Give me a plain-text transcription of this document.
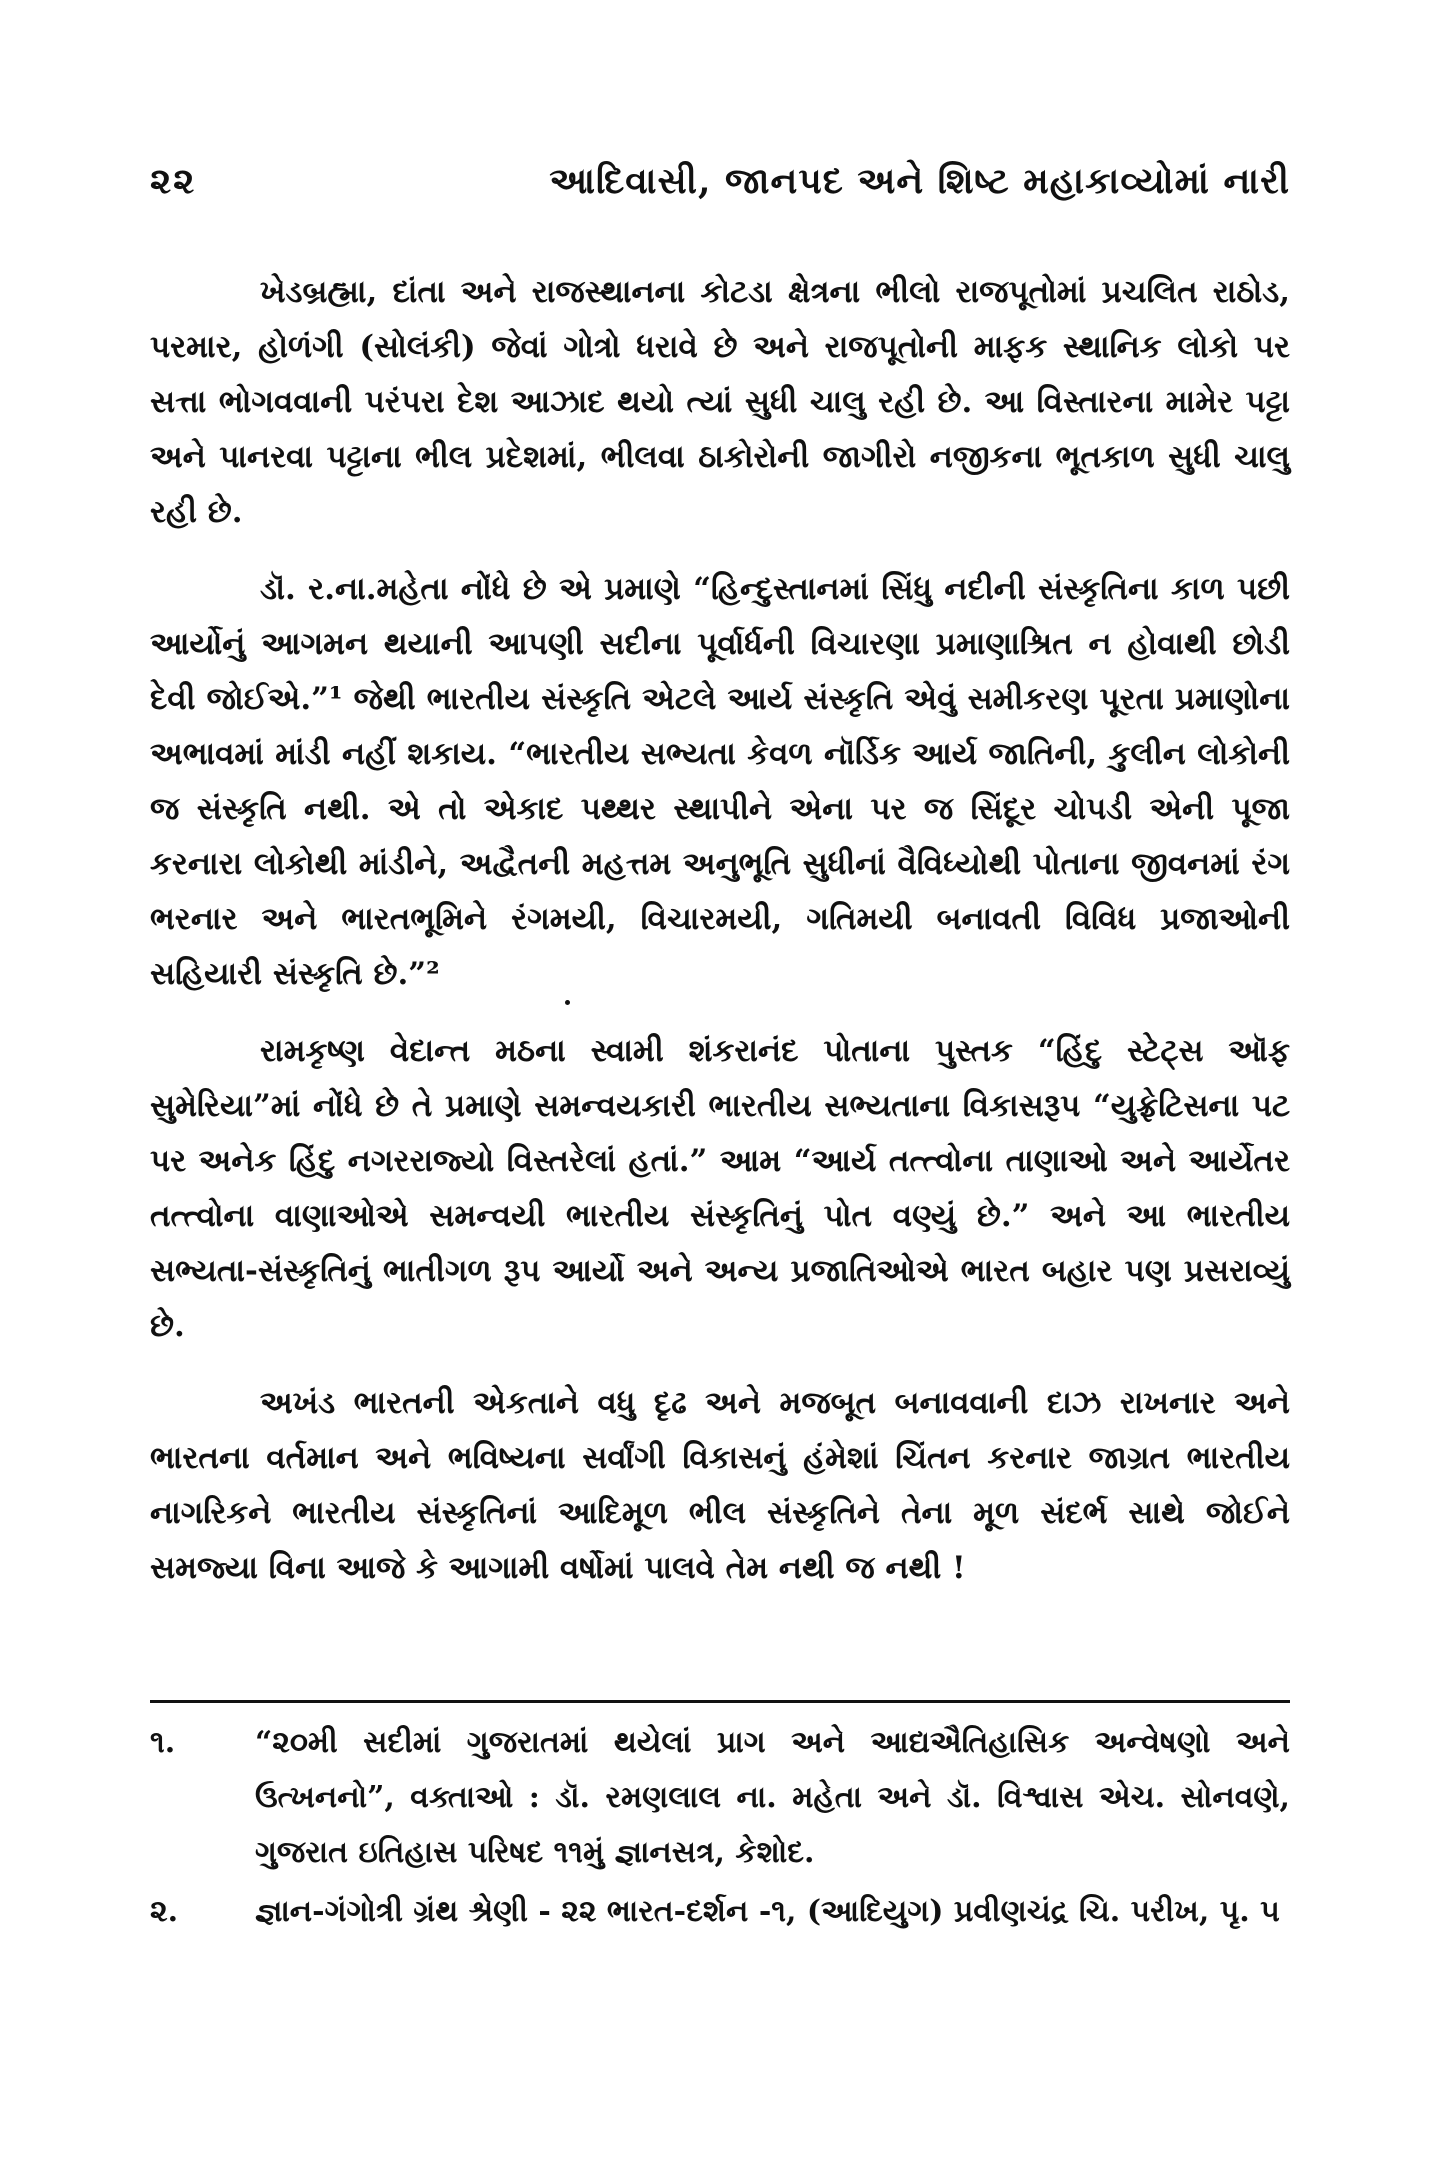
૨૨	આદિવાસી, જાનપદ અને શિષ્ટ મહાકાવ્યોમાં નારી

ખેડબ્રહ્મા, દાંતા અને રાજસ્થાનના કોટડા ક્ષેત્રના ભીલો રાજપૂતોમાં પ્રચલિત રાઠોડ, પરમાર, હોળંગી (સોલંકી) જેવાં ગોત્રો ધરાવે છે અને રાજપૂતોની માફક સ્થાનિક લોકો પર સત્તા ભોગવવાની પરંપરા દેશ આઝાદ થયો ત્યાં સુધી ચાલુ રહી છે. આ વિસ્તારના મામેર પટ્ટા અને પાનરવા પટ્ટાના ભીલ પ્રદેશમાં, ભીલવા ઠાકોરોની જાગીરો નજીકના ભૂતકાળ સુધી ચાલુ રહી છે.

ડૉ. ર.ના.મહેતા નોંધે છે એ પ્રમાણે “હિન્દુસ્તાનમાં સિંધુ નદીની સંસ્કૃતિના કાળ પછી આર્યોનું આગમન થયાની આપણી સદીના પૂર્વાર્ધની વિચારણા પ્રમાણાશ્રિત ન હોવાથી છોડી દેવી જોઈએ.”¹ જેથી ભારતીય સંસ્કૃતિ એટલે આર્ય સંસ્કૃતિ એવું સમીકરણ પૂરતા પ્રમાણોના અભાવમાં માંડી નહીં શકાય. “ભારતીય સભ્યતા કેવળ નૉર્ડિક આર્ય જાતિની, કુલીન લોકોની જ સંસ્કૃતિ નથી. એ તો એકાદ પથ્થર સ્થાપીને એના પર જ સિંદૂર ચોપડી એની પૂજા કરનારા લોકોથી માંડીને, અદ્વૈતની મહત્તમ અનુભૂતિ સુધીનાં વૈવિધ્યોથી પોતાના જીવનમાં રંગ ભરનાર અને ભારતભૂમિને રંગમયી, વિચારમયી, ગતિમયી બનાવતી વિવિધ પ્રજાઓની સહિયારી સંસ્કૃતિ છે.”²

રામકૃષ્ણ વેદાન્ત મઠના સ્વામી શંકરાનંદ પોતાના પુસ્તક “હિંદુ સ્ટેટ્સ ઑફ સુમેરિયા”માં નોંધે છે તે પ્રમાણે સમન્વયકારી ભારતીય સભ્યતાના વિકાસરૂપ “યુફ્રેટિસના પટ પર અનેક હિંદુ નગરરાજ્યો વિસ્તરેલાં હતાં.” આમ “આર્ય તત્ત્વોના તાણાઓ અને આર્યેતર તત્ત્વોના વાણાઓએ સમન્વયી ભારતીય સંસ્કૃતિનું પોત વણ્યું છે.” અને આ ભારતીય સભ્યતા-સંસ્કૃતિનું ભાતીગળ રૂપ આર્યો અને અન્ય પ્રજાતિઓએ ભારત બહાર પણ પ્રસરાવ્યું છે.

અખંડ ભારતની એકતાને વધુ દૃઢ અને મજબૂત બનાવવાની દાઝ રાખનાર અને ભારતના વર્તમાન અને ભવિષ્યના સર્વાંગી વિકાસનું હંમેશાં ચિંતન કરનાર જાગ્રત ભારતીય નાગરિકને ભારતીય સંસ્કૃતિનાં આદિમૂળ ભીલ સંસ્કૃતિને તેના મૂળ સંદર્ભ સાથે જોઈને સમજ્યા વિના આજે કે આગામી વર્ષોમાં પાલવે તેમ નથી જ નથી !

૧.	“૨૦મી સદીમાં ગુજરાતમાં થયેલાં પ્રાગ અને આદ્યઐતિહાસિક અન્વેષણો અને ઉત્ખનનો”, વક્તાઓ : ડૉ. રમણલાલ ના. મહેતા અને ડૉ. વિશ્વાસ એચ. સોનવણે, ગુજરાત ઇતિહાસ પરિષદ ૧૧મું જ્ઞાનસત્ર, કેશોદ.
૨.	જ્ઞાન-ગંગોત્રી ગ્રંથ શ્રેણી - ૨૨ ભારત-દર્શન -૧, (આદિયુગ) પ્રવીણચંદ્ર ચિ. પરીખ, પૃ. ૫
